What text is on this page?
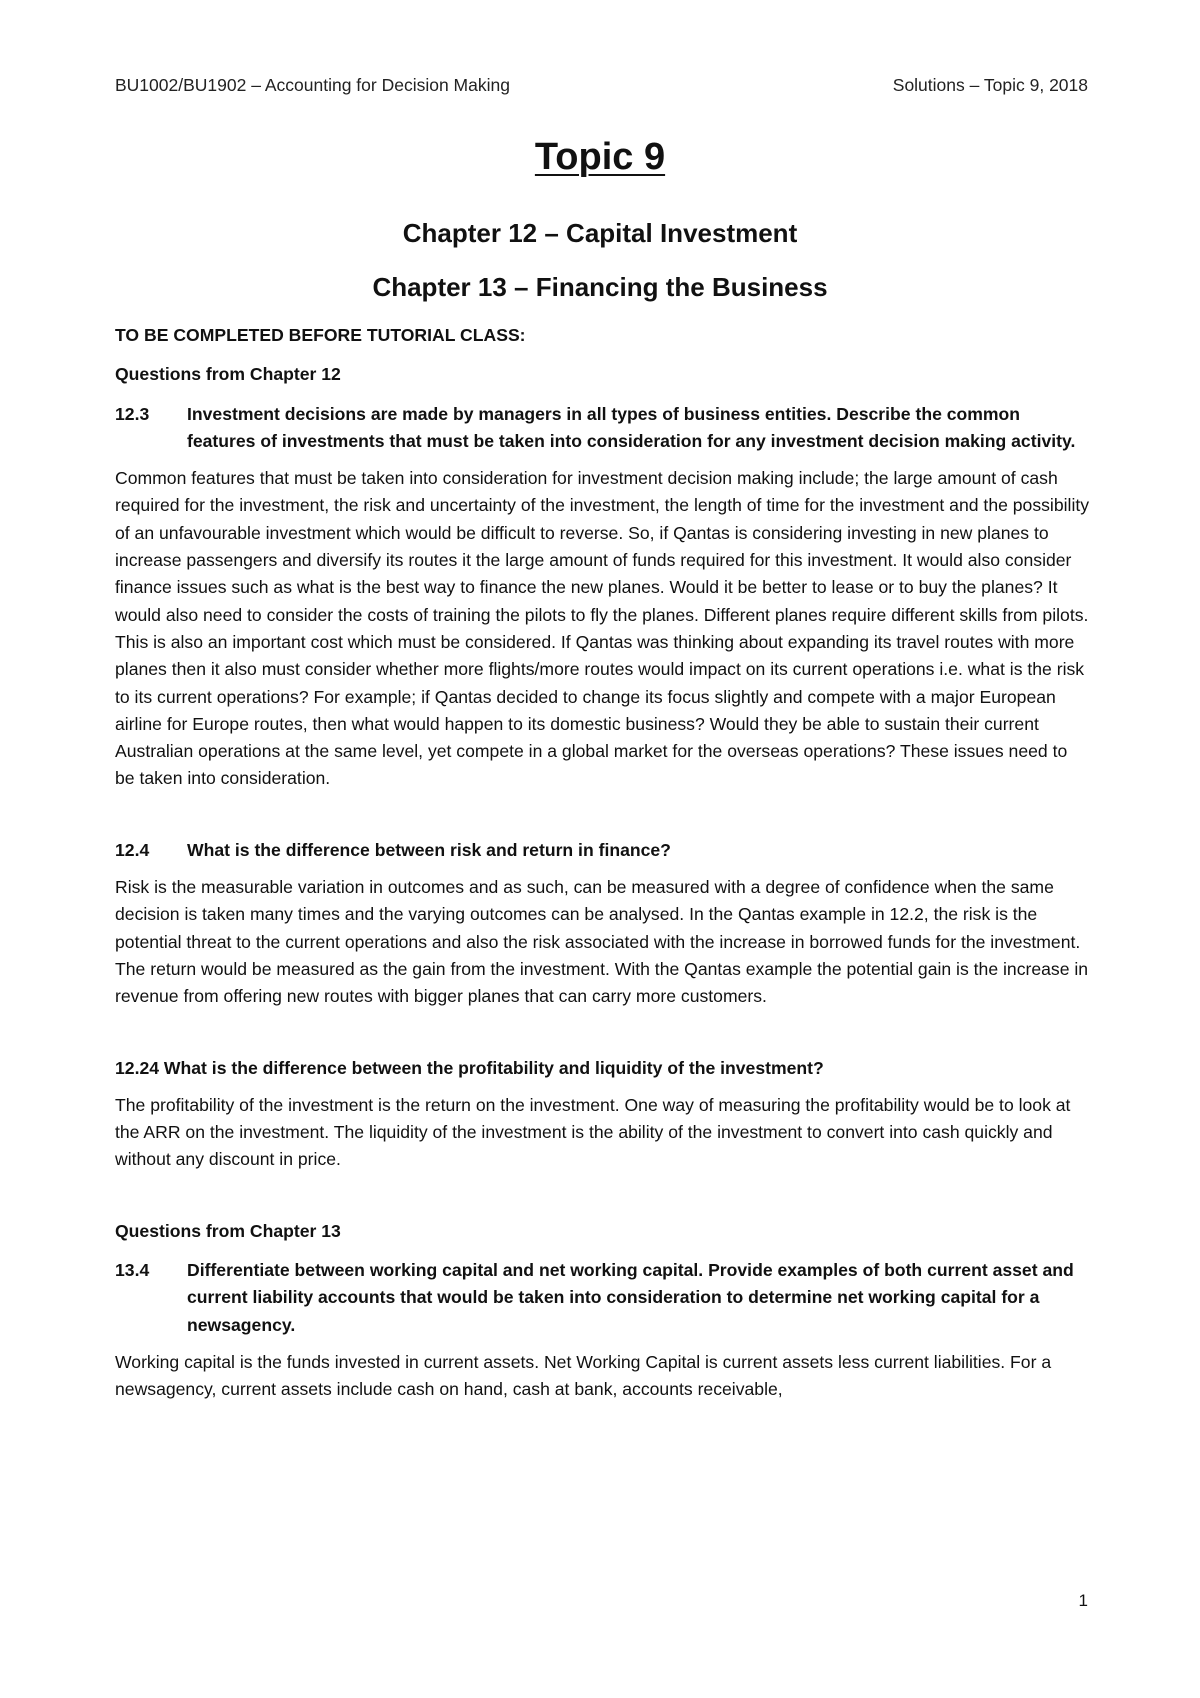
BU1002/BU1902 – Accounting for Decision Making	Solutions – Topic 9, 2018
Topic 9
Chapter 12 – Capital Investment
Chapter 13 – Financing the Business

TO BE COMPLETED BEFORE TUTORIAL CLASS:

Questions from Chapter 12

12.3	Investment decisions are made by managers in all types of business entities. Describe the common features of investments that must be taken into consideration for any investment decision making activity.

Common features that must be taken into consideration for investment decision making include; the large amount of cash required for the investment, the risk and uncertainty of the investment, the length of time for the investment and the possibility of an unfavourable investment which would be difficult to reverse. So, if Qantas is considering investing in new planes to increase passengers and diversify its routes it the large amount of funds required for this investment. It would also consider finance issues such as what is the best way to finance the new planes. Would it be better to lease or to buy the planes? It would also need to consider the costs of training the pilots to fly the planes. Different planes require different skills from pilots. This is also an important cost which must be considered. If Qantas was thinking about expanding its travel routes with more planes then it also must consider whether more flights/more routes would impact on its current operations i.e. what is the risk to its current operations? For example; if Qantas decided to change its focus slightly and compete with a major European airline for Europe routes, then what would happen to its domestic business? Would they be able to sustain their current Australian operations at the same level, yet compete in a global market for the overseas operations? These issues need to be taken into consideration.

12.4	What is the difference between risk and return in finance?

Risk is the measurable variation in outcomes and as such, can be measured with a degree of confidence when the same decision is taken many times and the varying outcomes can be analysed. In the Qantas example in 12.2, the risk is the potential threat to the current operations and also the risk associated with the increase in borrowed funds for the investment. The return would be measured as the gain from the investment. With the Qantas example the potential gain is the increase in revenue from offering new routes with bigger planes that can carry more customers.

12.24 What is the difference between the profitability and liquidity of the investment?

The profitability of the investment is the return on the investment. One way of measuring the profitability would be to look at the ARR on the investment. The liquidity of the investment is the ability of the investment to convert into cash quickly and without any discount in price.

Questions from Chapter 13

13.4	Differentiate between working capital and net working capital. Provide examples of both current asset and current liability accounts that would be taken into consideration to determine net working capital for a newsagency.

Working capital is the funds invested in current assets. Net Working Capital is current assets less current liabilities. For a newsagency, current assets include cash on hand, cash at bank, accounts receivable,

1
